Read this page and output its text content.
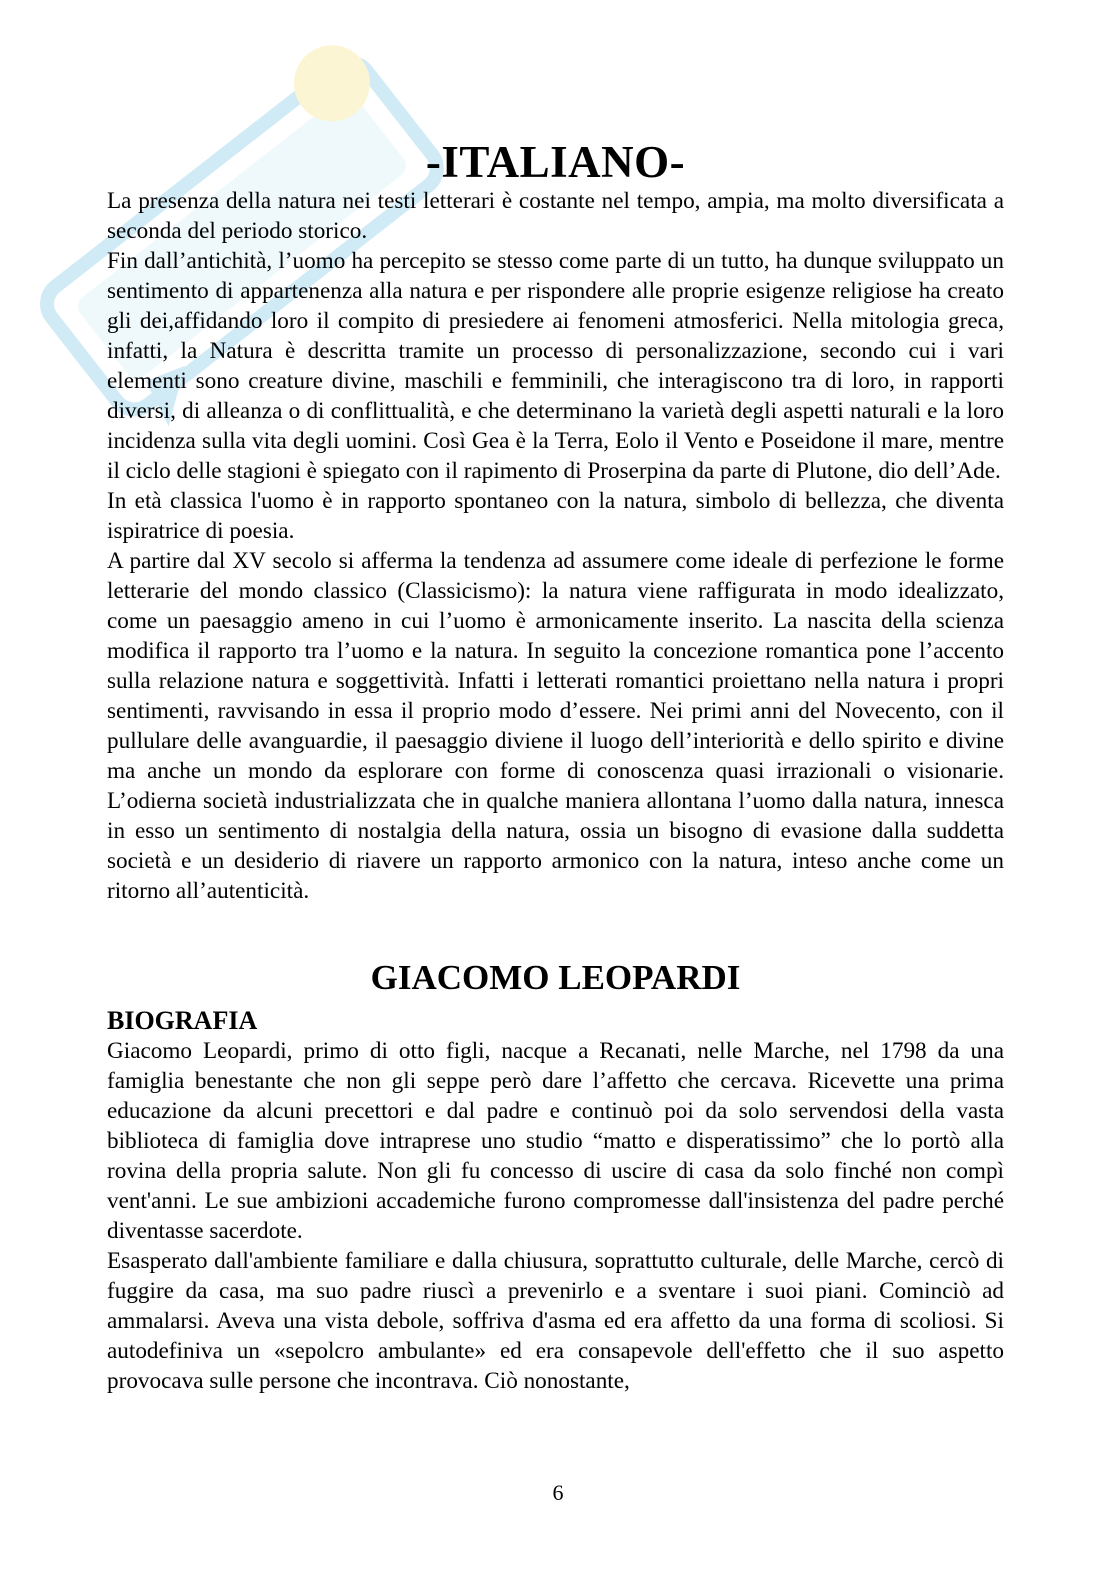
-ITALIANO-

La presenza della natura nei testi letterari è costante nel tempo, ampia, ma molto diversificata a seconda del periodo storico.

Fin dall’antichità, l’uomo ha percepito se stesso come parte di un tutto, ha dunque sviluppato un sentimento di appartenenza alla natura e per rispondere alle proprie esigenze religiose ha creato gli dei,affidando loro il compito di presiedere ai fenomeni atmosferici. Nella mitologia greca, infatti, la Natura è descritta tramite un processo di personalizzazione, secondo cui i vari elementi sono creature divine, maschili e femminili, che interagiscono tra di loro, in rapporti diversi, di alleanza o di conflittualità, e che determinano la varietà degli aspetti naturali e la loro incidenza sulla vita degli uomini. Così Gea è la Terra, Eolo il Vento e Poseidone il mare, mentre il ciclo delle stagioni è spiegato con il rapimento di Proserpina da parte di Plutone, dio dell’Ade.

In età classica l'uomo è in rapporto spontaneo con la natura, simbolo di bellezza, che diventa ispiratrice di poesia.

A partire dal XV secolo si afferma la tendenza ad assumere come ideale di perfezione le forme letterarie del mondo classico (Classicismo): la natura viene raffigurata in modo idealizzato, come un paesaggio ameno in cui l’uomo è armonicamente inserito. La nascita della scienza modifica il rapporto tra l’uomo e la natura. In seguito la concezione romantica pone l’accento sulla relazione natura e soggettività. Infatti i letterati romantici proiettano nella natura i propri sentimenti, ravvisando in essa il proprio modo d’essere. Nei primi anni del Novecento, con il pullulare delle avanguardie, il paesaggio diviene il luogo dell’interiorità e dello spirito e divine ma anche un mondo da esplorare con forme di conoscenza quasi irrazionali o visionarie. L’odierna società industrializzata che in qualche maniera allontana l’uomo dalla natura, innesca in esso un sentimento di nostalgia della natura, ossia un bisogno di evasione dalla suddetta società e un desiderio di riavere un rapporto armonico con la natura, inteso anche come un ritorno all’autenticità.

GIACOMO LEOPARDI
BIOGRAFIA

Giacomo Leopardi, primo di otto figli, nacque a Recanati, nelle Marche, nel 1798 da una famiglia benestante che non gli seppe però dare l’affetto che cercava. Ricevette una prima educazione da alcuni precettori e dal padre e continuò poi da solo servendosi della vasta biblioteca di famiglia dove intraprese uno studio “matto e disperatissimo” che lo portò alla rovina della propria salute. Non gli fu concesso di uscire di casa da solo finché non compì vent'anni. Le sue ambizioni accademiche furono compromesse dall'insistenza del padre perché      diventasse sacerdote.

Esasperato dall'ambiente familiare e dalla chiusura, soprattutto culturale, delle Marche, cercò di fuggire da casa, ma suo padre riuscì a prevenirlo e a sventare i suoi piani. Cominciò ad ammalarsi. Aveva una vista debole, soffriva d'asma ed era affetto da una forma di scoliosi. Si autodefiniva un «sepolcro ambulante» ed era consapevole dell'effetto che il suo aspetto provocava sulle persone che incontrava. Ciò nonostante,

6
